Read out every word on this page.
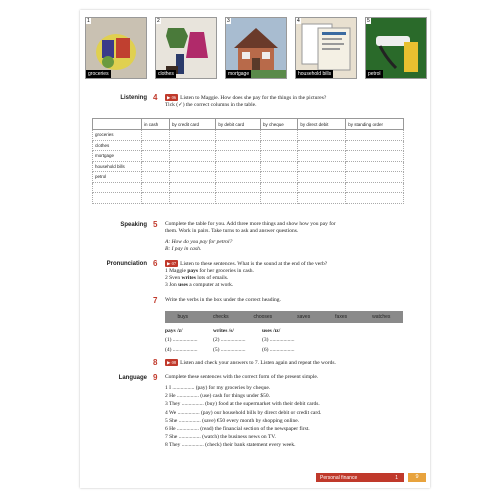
1
groceries
2
clothes
3
mortgage
4
household bills
5
petrol
Listening 4	▶ 06 Listen to Maggie. How does she pay for the things in the pictures?
Tick (✓) the correct columns in the table.
	in cash	by credit card	by debit card	by cheque	by direct debit	by standing order
groceries						
clothes						
mortgage						
household bills						
petrol						

Speaking 5 Complete the table for you. Add three more things and show how you pay for
them. Work in pairs. Take turns to ask and answer questions.
A: How do you pay for petrol?
B: I pay in cash.
Pronunciation 6	▶ 07 Listen to these sentences. What is the sound at the end of the verb?
1 Maggie pays for her groceries in cash.
2 Sven writes lots of emails.
3 Jon uses a computer at work.
7 Write the verbs in the box under the correct heading.
buys	checks	chooses	saves	faxes	watches
pays /z/	writes /s/	uses /ɪz/
(1) ..................	(2) ..................	(3) ..................
(4) ..................	(5) ..................	(6) ..................
8	▶ 08 Listen and check your answers to 7. Listen again and repeat the words.
Language 9 Complete these sentences with the correct form of the present simple.
1 I ................ (pay) for my groceries by cheque.
2 He ................ (use) cash for things under $50.
3 They ................ (buy) food at the supermarket with their debit cards.
4 We ................ (pay) our household bills by direct debit or credit card.
5 She ................ (save) €50 every month by shopping online.
6 He ................ (read) the financial section of the newspaper first.
7 She ................ (watch) the business news on TV.
8 They ................ (check) their bank statement every week.
Personal finance	1	9
